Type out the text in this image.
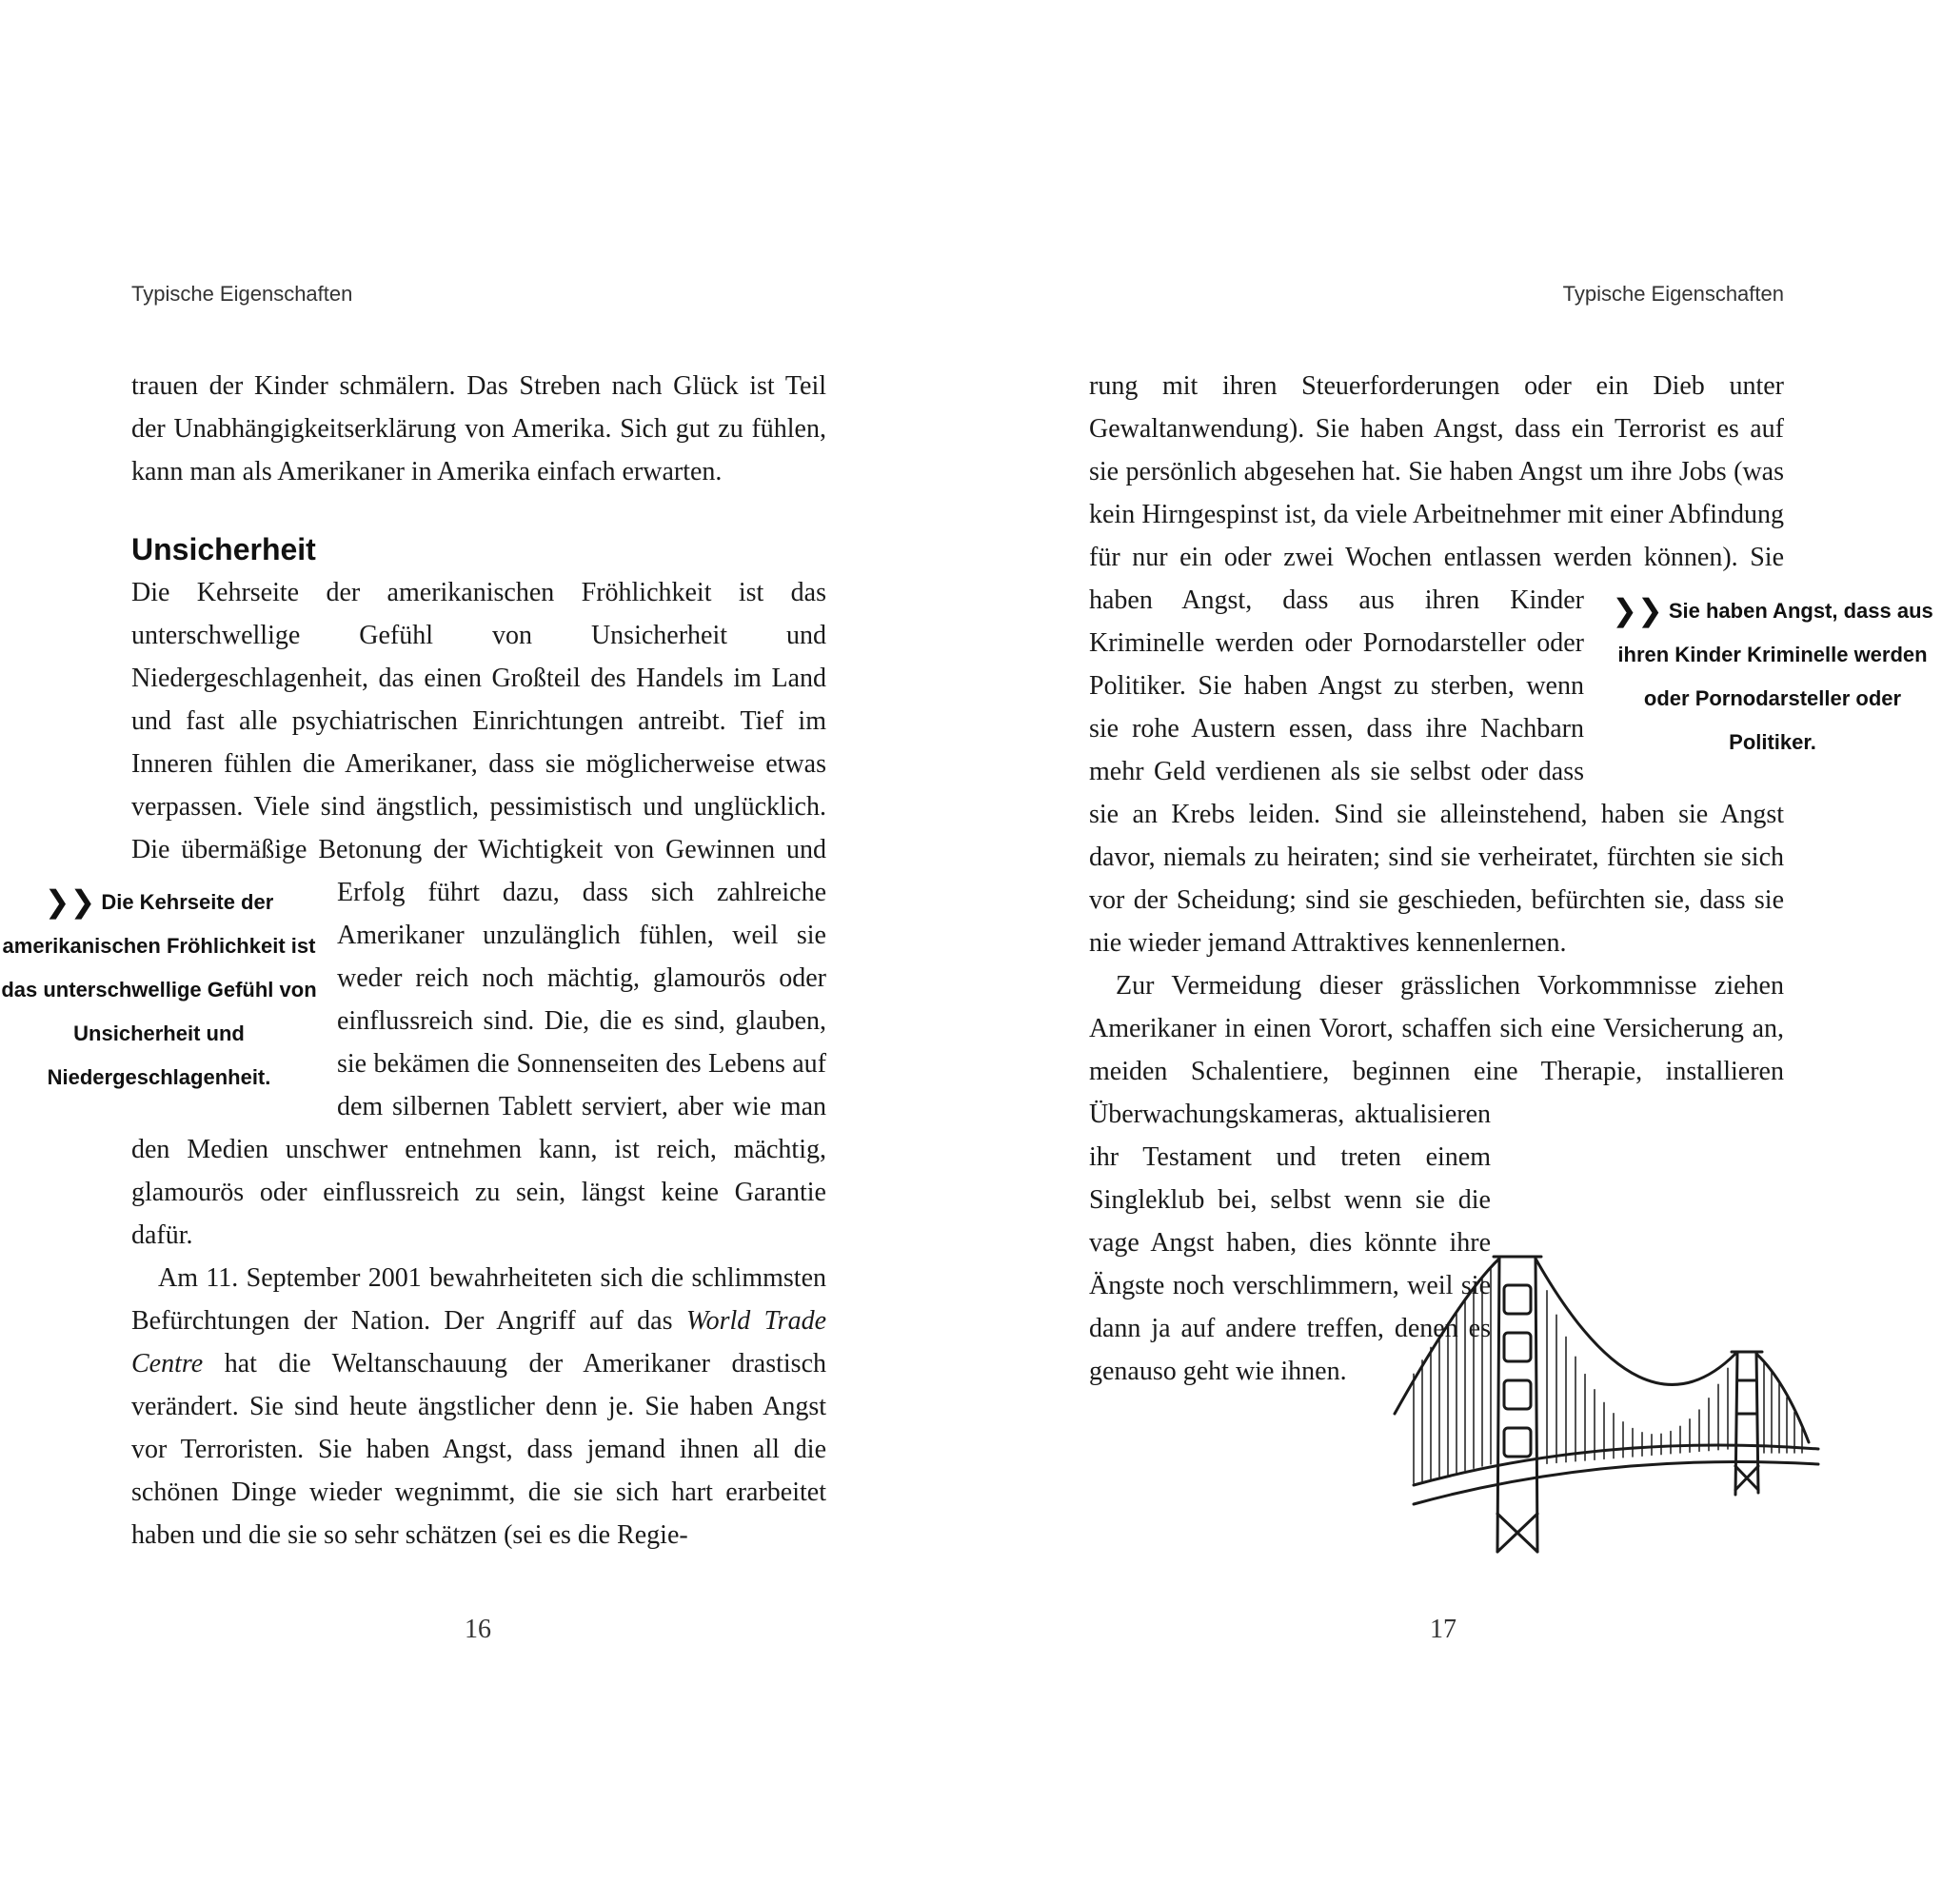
Typische Eigenschaften

trauen der Kinder schmälern. Das Streben nach Glück ist Teil der Unabhängigkeitserklärung von Amerika. Sich gut zu fühlen, kann man als Amerikaner in Amerika einfach erwarten.

Unsicherheit

Die Kehrseite der amerikanischen Fröhlichkeit ist das unterschwellige Gefühl von Unsicherheit und Niedergeschlagenheit, das einen Großteil des Handels im Land und fast alle psychiatrischen Einrichtungen antreibt. Tief im Inneren fühlen die Amerikaner, dass sie möglicherweise etwas verpassen. Viele sind ängstlich, pessimistisch und unglücklich. Die übermäßige Betonung der Wichtigkeit von Gewinnen und Erfolg führt dazu, dass
❯❯ Die Kehrseite der amerikanischen Fröhlichkeit ist das unterschwellige Gefühl von Unsicherheit und Niedergeschlagenheit.
sich zahlreiche Amerikaner unzulänglich fühlen, weil sie weder reich noch mächtig, glamourös oder einflussreich sind. Die, die es sind, glauben, sie bekämen die Sonnenseiten des Lebens auf dem silbernen Tablett serviert, aber wie man den Medien unschwer entnehmen kann, ist reich, mächtig, glamourös oder einflussreich zu sein, längst keine Garantie dafür.

Am 11. September 2001 bewahrheiteten sich die schlimmsten Befürchtungen der Nation. Der Angriff auf das World Trade Centre hat die Weltanschauung der Amerikaner drastisch verändert. Sie sind heute ängstlicher denn je. Sie haben Angst vor Terroristen. Sie haben Angst, dass jemand ihnen all die schönen Dinge wieder wegnimmt, die sie sich hart erarbeitet haben und die sie so sehr schätzen (sei es die Regie-

16

Typische Eigenschaften

rung mit ihren Steuerforderungen oder ein Dieb unter Gewaltanwendung). Sie haben Angst, dass ein Terrorist es auf sie persönlich abgesehen hat. Sie haben Angst um ihre Jobs (was kein Hirngespinst ist, da viele Arbeitnehmer mit einer Abfindung für nur ein oder zwei Wochen entlassen werden
❯❯ Sie haben Angst, dass aus ihren Kinder Kriminelle werden oder Pornodarsteller oder Politiker.
können). Sie haben Angst, dass aus ihren Kinder Kriminelle werden oder Pornodarsteller oder Politiker. Sie haben Angst zu sterben, wenn sie rohe Austern essen, dass ihre Nachbarn mehr Geld verdienen als sie selbst oder dass sie an Krebs leiden. Sind sie alleinstehend, haben sie Angst davor, niemals zu heiraten; sind sie verheiratet, fürchten sie sich vor der Scheidung; sind sie geschieden, befürchten sie, dass sie nie wieder jemand Attraktives kennenlernen.

Zur Vermeidung dieser grässlichen Vorkommnisse ziehen Amerikaner in einen Vorort, schaffen sich eine Versicherung an, meiden Schalentiere, beginnen eine Therapie, installieren Überwachungskameras, aktualisieren
ihr Testament und treten einem Singleklub bei, selbst wenn sie die vage Angst haben, dies könnte ihre Ängste noch verschlimmern, weil sie dann ja auf andere treffen, denen es genauso geht wie ihnen.

17
